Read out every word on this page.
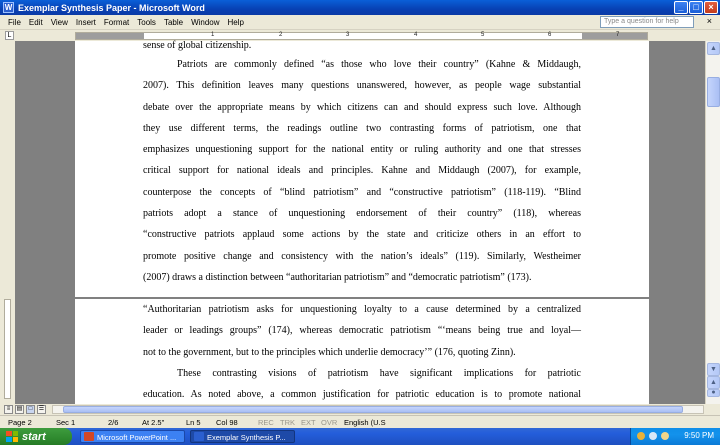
W Exemplar Synthesis Paper - Microsoft Word	_	□	×
File	Edit	View	Insert	Format	Tools	Table	Window	Help	Type a question for help	×
L	1	2	3	4	5	6	7
sense of global citizenship.
Patriots are commonly defined “as those who love their country” (Kahne & Middaugh,
2007). This definition leaves many questions unanswered, however, as people wage substantial
debate over the appropriate means by which citizens can and should express such love. Although
they use different terms, the readings outline two contrasting forms of patriotism, one that
emphasizes unquestioning support for the national entity or ruling authority and one that stresses
critical support for national ideals and principles. Kahne and Middaugh (2007), for example,
counterpose the concepts of “blind patriotism” and “constructive patriotism” (118-119). “Blind
patriots adopt a stance of unquestioning endorsement of their country” (118), whereas
“constructive patriots applaud some actions by the state and criticize others in an effort to
promote positive change and consistency with the nation’s ideals” (119). Similarly, Westheimer
(2007) draws a distinction between “authoritarian patriotism” and “democratic patriotism” (173).
“Authoritarian patriotism asks for unquestioning loyalty to a cause determined by a centralized
leader or leadings groups” (174), whereas democratic patriotism “‘means being true and loyal—
not to the government, but to the principles which underlie democracy’” (176, quoting Zinn).
These contrasting visions of patriotism have significant implications for patriotic
education. As noted above, a common justification for patriotic education is to promote national
▲
▼
▲
●
≡	▤	□	☰
Page 2	Sec 1	2/6	At 2.5"	Ln 5 Col 98	REC TRK EXT OVR English (U.S
start	Microsoft PowerPoint ...	Exemplar Synthesis P...	9:50 PM
